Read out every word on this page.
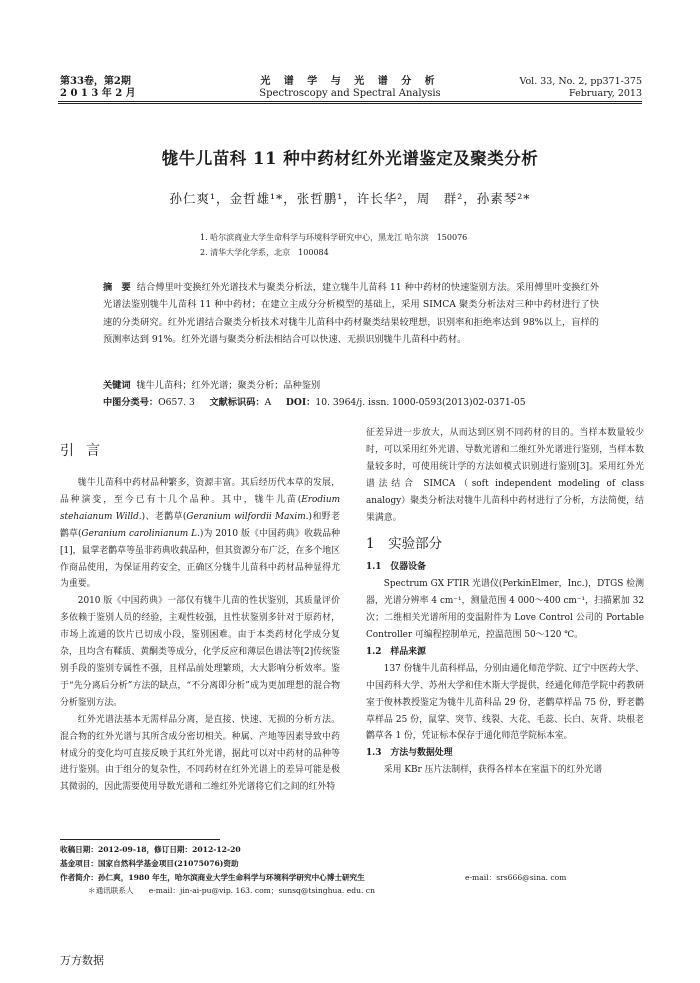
第33卷，第2期
2 0 1 3 年 2 月
光 谱 学 与 光 谱 分 析
Spectroscopy and Spectral Analysis
Vol. 33, No. 2, pp371-375
February, 2013
牻牛儿苗科 11 种中药材红外光谱鉴定及聚类分析
孙仁爽¹，金哲雄¹*，张哲鹏¹，许长华²，周　群²，孙素琴²*
1. 哈尔滨商业大学生命科学与环境科学研究中心，黑龙江 哈尔滨　150076
2. 清华大学化学系，北京　100084
摘　要 结合傅里叶变换红外光谱技术与聚类分析法，建立牻牛儿苗科 11 种中药材的快速鉴别方法。采用傅里叶变换红外光谱法鉴别牻牛儿苗科 11 种中药材；在建立主成分分析模型的基础上，采用 SIMCA 聚类分析法对三种中药材进行了快速的分类研究。红外光谱结合聚类分析技术对牻牛儿苗科中药材聚类结果较理想，识别率和拒绝率达到 98%以上，盲样的预测率达到 91%。红外光谱与聚类分析法相结合可以快速、无损识别牻牛儿苗科中药材。
关键词 牻牛儿苗科；红外光谱；聚类分析；品种鉴别
中图分类号：O657. 3 文献标识码：A DOI：10. 3964/j. issn. 1000-0593(2013)02-0371-05
引言

牻牛儿苗科中药材品种繁多，资源丰富。其后经历代本草的发展，品种演变，至今已有十几个品种。其中，牻牛儿苗(Erodium stehaianum Willd.)、老鹳草(Geranium wilfordii Maxim.)和野老鹳草(Geranium carolinianum L.)为 2010 版《中国药典》收载品种[1]，鼠掌老鹳草等虽非药典收载品种，但其资源分布广泛，在多个地区作商品使用，为保证用药安全，正确区分牻牛儿苗科中药材品种显得尤为重要。

2010 版《中国药典》一部仅有牻牛儿苗的性状鉴别，其质量评价多依赖于鉴别人员的经验，主观性较强，且性状鉴别多针对于原药材，市场上流通的饮片已切成小段，鉴别困难。由于本类药材化学成分复杂，且均含有鞣质、黄酮类等成分，化学反应和薄层色谱法等[2]传统鉴别手段的鉴别专属性不强，且样品前处理繁琐，大大影响分析效率。鉴于“先分离后分析”方法的缺点，“不分离即分析”成为更加理想的混合物分析鉴别方法。

红外光谱法基本无需样品分离，是直接、快速、无损的分析方法。混合物的红外光谱与其所含成分密切相关。种属、产地等因素导致中药材成分的变化均可直接反映于其红外光谱，据此可以对中药材的品种等进行鉴别。由于组分的复杂性，不同药材在红外光谱上的差异可能是极其微弱的，因此需要使用导数光谱和二维红外光谱将它们之间的红外特

征差异进一步放大，从而达到区别不同药材的目的。当样本数量较少时，可以采用红外光谱、导数光谱和二维红外光谱进行鉴别，当样本数量较多时，可使用统计学的方法如模式识别进行鉴别[3]。采用红外光谱法结合 SIMCA（soft independent modeling of class analogy）聚类分析法对牻牛儿苗科中药材进行了分析，方法简便，结果满意。

1　实验部分
1.1　仪器设备

Spectrum GX FTIR 光谱仪(PerkinElmer，Inc.)，DTGS 检测器，光谱分辨率 4 cm⁻¹，测量范围 4 000～400 cm⁻¹，扫描累加 32 次；二维相关光谱所用的变温附件为 Love Control 公司的 Portable Controller 可编程控制单元，控温范围 50～120 ℃。

1.2　样品来源

137 份牻牛儿苗科样品，分别由通化师范学院、辽宁中医药大学、中国药科大学、苏州大学和佳木斯大学提供，经通化师范学院中药教研室于俊林教授鉴定为牻牛儿苗科品 29 份，老鹳草样品 75 份，野老鹳草样品 25 份，鼠掌、突节、线裂、大花、毛蕊、长白、灰背、块根老鹳草各 1 份，凭证标本保存于通化师范学院标本室。

1.3　方法与数据处理

采用 KBr 压片法制样，获得各样本在室温下的红外光谱

收稿日期：2012-09-18，修订日期：2012-12-20
基金项目：国家自然科学基金项目(21075076)资助
作者简介：孙仁爽，1980 年生，哈尔滨商业大学生命科学与环境科学研究中心博士研究生	e-mail：srs666@sina. com
＊通讯联系人　　e-mail：jin-ai-pu@vip. 163. com；sunsq@tsinghua. edu. cn
万方数据
